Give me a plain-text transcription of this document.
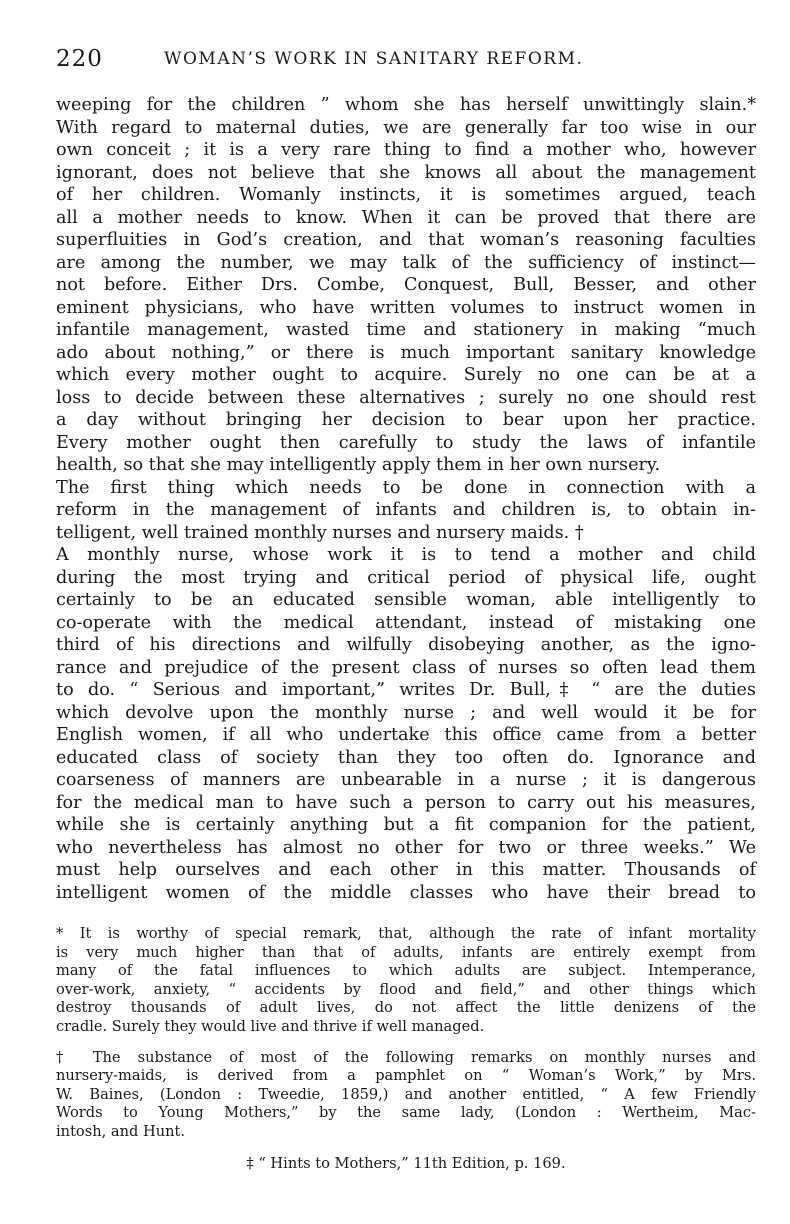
220	WOMAN’S WORK IN SANITARY REFORM.
weeping for the children ” whom she has herself unwittingly slain.*
With regard to maternal duties, we are generally far too wise in our
own conceit ; it is a very rare thing to find a mother who, however
ignorant, does not believe that she knows all about the management
of her children. Womanly instincts, it is sometimes argued, teach
all a mother needs to know. When it can be proved that there are
superfluities in God’s creation, and that woman’s reasoning faculties
are among the number, we may talk of the sufficiency of instinct—
not before. Either Drs. Combe, Conquest, Bull, Besser, and other
eminent physicians, who have written volumes to instruct women in
infantile management, wasted time and stationery in making “much
ado about nothing,” or there is much important sanitary knowledge
which every mother ought to acquire. Surely no one can be at a
loss to decide between these alternatives ; surely no one should rest
a day without bringing her decision to bear upon her practice.
Every mother ought then carefully to study the laws of infantile
health, so that she may intelligently apply them in her own nursery.
The first thing which needs to be done in connection with a
reform in the management of infants and children is, to obtain in-
telligent, well trained monthly nurses and nursery maids. †
A monthly nurse, whose work it is to tend a mother and child
during the most trying and critical period of physical life, ought
certainly to be an educated sensible woman, able intelligently to
co-operate with the medical attendant, instead of mistaking one
third of his directions and wilfully disobeying another, as the igno-
rance and prejudice of the present class of nurses so often lead them
to do. “ Serious and important,” writes Dr. Bull,‡ “ are the duties
which devolve upon the monthly nurse ; and well would it be for
English women, if all who undertake this office came from a better
educated class of society than they too often do. Ignorance and
coarseness of manners are unbearable in a nurse ; it is dangerous
for the medical man to have such a person to carry out his measures,
while she is certainly anything but a fit companion for the patient,
who nevertheless has almost no other for two or three weeks.” We
must help ourselves and each other in this matter. Thousands of
intelligent women of the middle classes who have their bread to
* It is worthy of special remark, that, although the rate of infant mortality
is very much higher than that of adults, infants are entirely exempt from
many of the fatal influences to which adults are subject. Intemperance,
over-work, anxiety, “ accidents by flood and field,” and other things which
destroy thousands of adult lives, do not affect the little denizens of the
cradle. Surely they would live and thrive if well managed.
† The substance of most of the following remarks on monthly nurses and
nursery-maids, is derived from a pamphlet on “ Woman’s Work,” by Mrs.
W. Baines, (London : Tweedie, 1859,) and another entitled, “ A few Friendly
Words to Young Mothers,” by the same lady, (London : Wertheim, Mac-
intosh, and Hunt.
‡ “ Hints to Mothers,” 11th Edition, p. 169.
